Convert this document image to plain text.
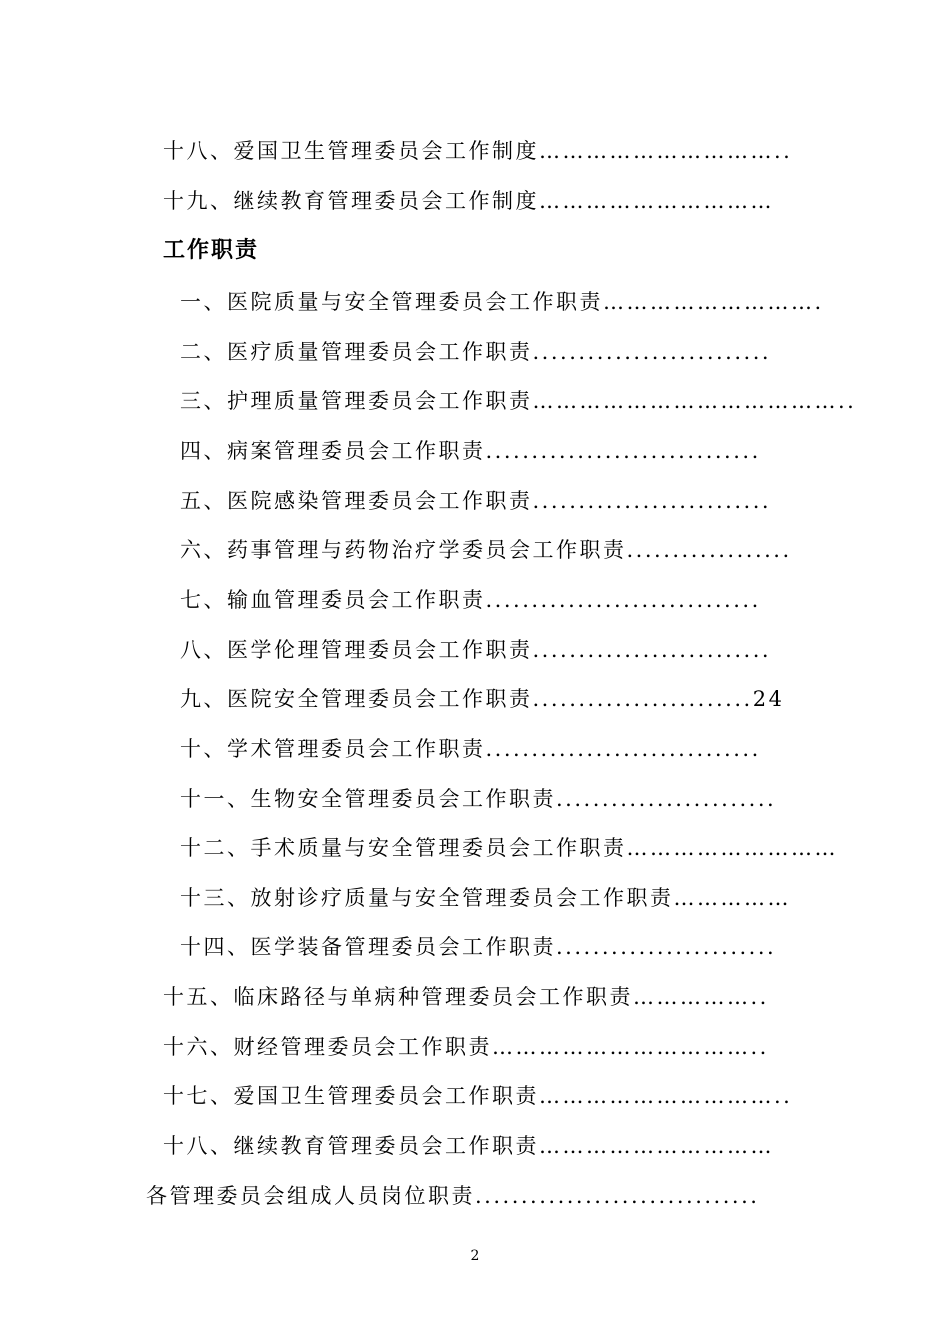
十八、爱国卫生管理委员会工作制度…………………………..
十九、继续教育管理委员会工作制度…………………………
工作职责
一、医院质量与安全管理委员会工作职责……………………….
二、医疗质量管理委员会工作职责..........................
三、护理质量管理委员会工作职责…………………………………..
四、病案管理委员会工作职责..............................
五、医院感染管理委员会工作职责..........................
六、药事管理与药物治疗学委员会工作职责..................
七、输血管理委员会工作职责..............................
八、医学伦理管理委员会工作职责..........................
九、医院安全管理委员会工作职责........................24
十、学术管理委员会工作职责..............................
十一、生物安全管理委员会工作职责........................
十二、手术质量与安全管理委员会工作职责………………………
十三、放射诊疗质量与安全管理委员会工作职责……………
十四、医学装备管理委员会工作职责........................
十五、临床路径与单病种管理委员会工作职责……………..
十六、财经管理委员会工作职责……………………………..
十七、爱国卫生管理委员会工作职责…………………………..
十八、继续教育管理委员会工作职责…………………………
各管理委员会组成人员岗位职责...............................
2
